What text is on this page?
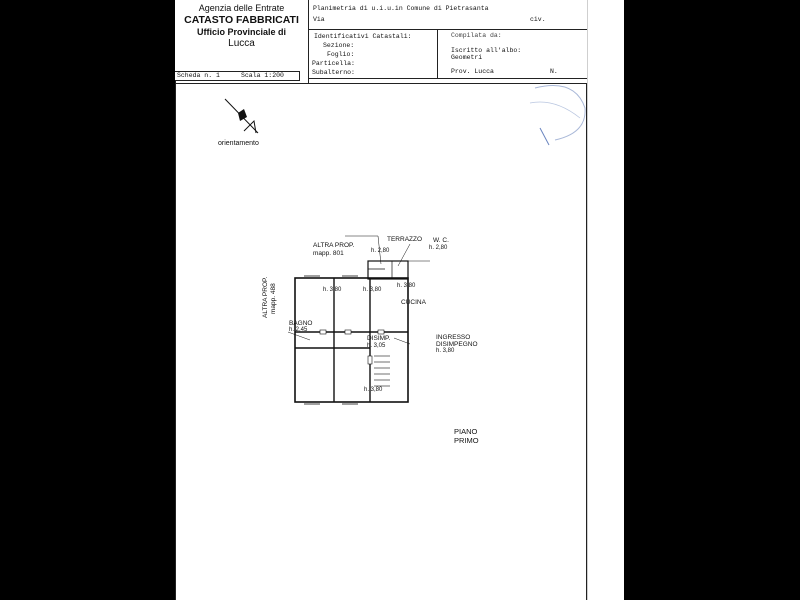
Agenzia delle Entrate
CATASTO FABBRICATI
Ufficio Provinciale di
Lucca
Planimetria di u.i.u.in Comune di Pietrasanta
Via	civ.
Identificativi Catastali:
Sezione:
Foglio:
Particella:
Subalterno:
Compilata da:
Iscritto all'albo:
Geometri
Prov. Lucca	N.
Scheda n. 1	Scala 1:200
orientamento
ALTRA PROP.
mapp. 801
TERRAZZO
h. 2,80
W. C.
h. 2,80
h. 3,80	h. 3,80
h. 3,80
CUCINA
BAGNO
h. 2,45
DISIMP.
h. 3,05
INGRESSO
DISIMPEGNO
h. 3,80
h. 3,80
ALTRA PROP. mapp. 488
PIANO
PRIMO
